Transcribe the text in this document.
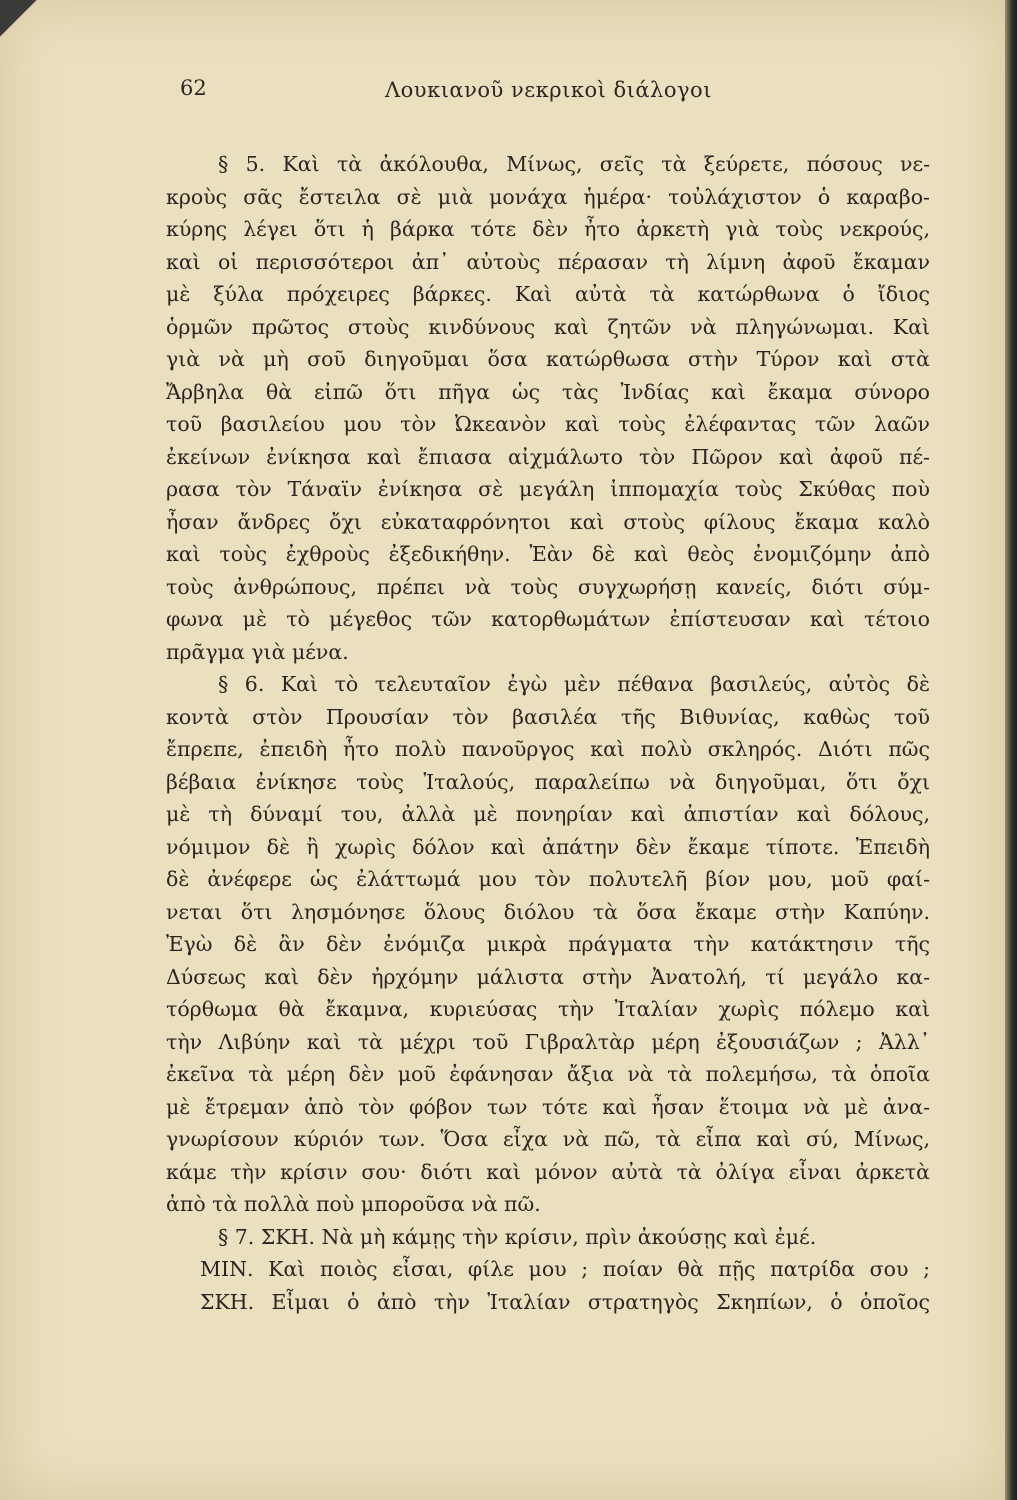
62	Λουκιανοῦ νεκρικοὶ διάλογοι
§ 5. Καὶ τὰ ἀκόλουθα, Μίνως, σεῖς τὰ ξεύρετε, πόσους νε-
κροὺς σᾶς ἔστειλα σὲ μιὰ μονάχα ἡμέρα· τοὐλάχιστον ὁ καραβο-
κύρης λέγει ὅτι ἡ βάρκα τότε δὲν ἦτο ἀρκετὴ γιὰ τοὺς νεκρούς,
καὶ οἱ περισσότεροι ἀπ᾽ αὐτοὺς πέρασαν τὴ λίμνη ἀφοῦ ἔκαμαν
μὲ ξύλα πρόχειρες βάρκες. Καὶ αὐτὰ τὰ κατώρθωνα ὁ ἴδιος
ὁρμῶν πρῶτος στοὺς κινδύνους καὶ ζητῶν νὰ πληγώνωμαι. Καὶ
γιὰ νὰ μὴ σοῦ διηγοῦμαι ὅσα κατώρθωσα στὴν Τύρον καὶ στὰ
Ἄρβηλα θὰ εἰπῶ ὅτι πῆγα ὡς τὰς Ἰνδίας καὶ ἔκαμα σύνορο
τοῦ βασιλείου μου τὸν Ὠκεανὸν καὶ τοὺς ἐλέφαντας τῶν λαῶν
ἐκείνων ἐνίκησα καὶ ἔπιασα αἰχμάλωτο τὸν Πῶρον καὶ ἀφοῦ πέ-
ρασα τὸν Τάναϊν ἐνίκησα σὲ μεγάλη ἱππομαχία τοὺς Σκύθας ποὺ
ἦσαν ἄνδρες ὄχι εὐκαταφρόνητοι καὶ στοὺς φίλους ἔκαμα καλὸ
καὶ τοὺς ἐχθροὺς ἐξεδικήθην. Ἐὰν δὲ καὶ θεὸς ἐνομιζόμην ἀπὸ
τοὺς ἀνθρώπους, πρέπει νὰ τοὺς συγχωρήσῃ κανείς, διότι σύμ-
φωνα μὲ τὸ μέγεθος τῶν κατορθωμάτων ἐπίστευσαν καὶ τέτοιο
πρᾶγμα γιὰ μένα.
§ 6. Καὶ τὸ τελευταῖον ἐγὼ μὲν πέθανα βασιλεύς, αὐτὸς δὲ
κοντὰ στὸν Προυσίαν τὸν βασιλέα τῆς Βιθυνίας, καθὼς τοῦ
ἔπρεπε, ἐπειδὴ ἦτο πολὺ πανοῦργος καὶ πολὺ σκληρός. Διότι πῶς
βέβαια ἐνίκησε τοὺς Ἰταλούς, παραλείπω νὰ διηγοῦμαι, ὅτι ὄχι
μὲ τὴ δύναμί του, ἀλλὰ μὲ πονηρίαν καὶ ἀπιστίαν καὶ δόλους,
νόμιμον δὲ ἢ χωρὶς δόλον καὶ ἀπάτην δὲν ἔκαμε τίποτε. Ἐπειδὴ
δὲ ἀνέφερε ὡς ἐλάττωμά μου τὸν πολυτελῆ βίον μου, μοῦ φαί-
νεται ὅτι λησμόνησε ὅλους διόλου τὰ ὅσα ἔκαμε στὴν Καπύην.
Ἐγὼ δὲ ἂν δὲν ἐνόμιζα μικρὰ πράγματα τὴν κατάκτησιν τῆς
Δύσεως καὶ δὲν ἠρχόμην μάλιστα στὴν Ἀνατολή, τί μεγάλο κα-
τόρθωμα θὰ ἔκαμνα, κυριεύσας τὴν Ἰταλίαν χωρὶς πόλεμο καὶ
τὴν Λιβύην καὶ τὰ μέχρι τοῦ Γιβραλτὰρ μέρη ἐξουσιάζων ; Ἀλλ᾽
ἐκεῖνα τὰ μέρη δὲν μοῦ ἐφάνησαν ἄξια νὰ τὰ πολεμήσω, τὰ ὁποῖα
μὲ ἔτρεμαν ἀπὸ τὸν φόβον των τότε καὶ ἦσαν ἕτοιμα νὰ μὲ ἀνα-
γνωρίσουν κύριόν των. Ὅσα εἶχα νὰ πῶ, τὰ εἶπα καὶ σύ, Μίνως,
κάμε τὴν κρίσιν σου· διότι καὶ μόνον αὐτὰ τὰ ὀλίγα εἶναι ἀρκετὰ
ἀπὸ τὰ πολλὰ ποὺ μποροῦσα νὰ πῶ.
§ 7. ΣΚΗ. Νὰ μὴ κάμῃς τὴν κρίσιν, πρὶν ἀκούσῃς καὶ ἐμέ.
ΜΙΝ. Καὶ ποιὸς εἶσαι, φίλε μου ; ποίαν θὰ πῇς πατρίδα σου ;
ΣΚΗ. Εἶμαι ὁ ἀπὸ τὴν Ἰταλίαν στρατηγὸς Σκηπίων, ὁ ὁποῖος
